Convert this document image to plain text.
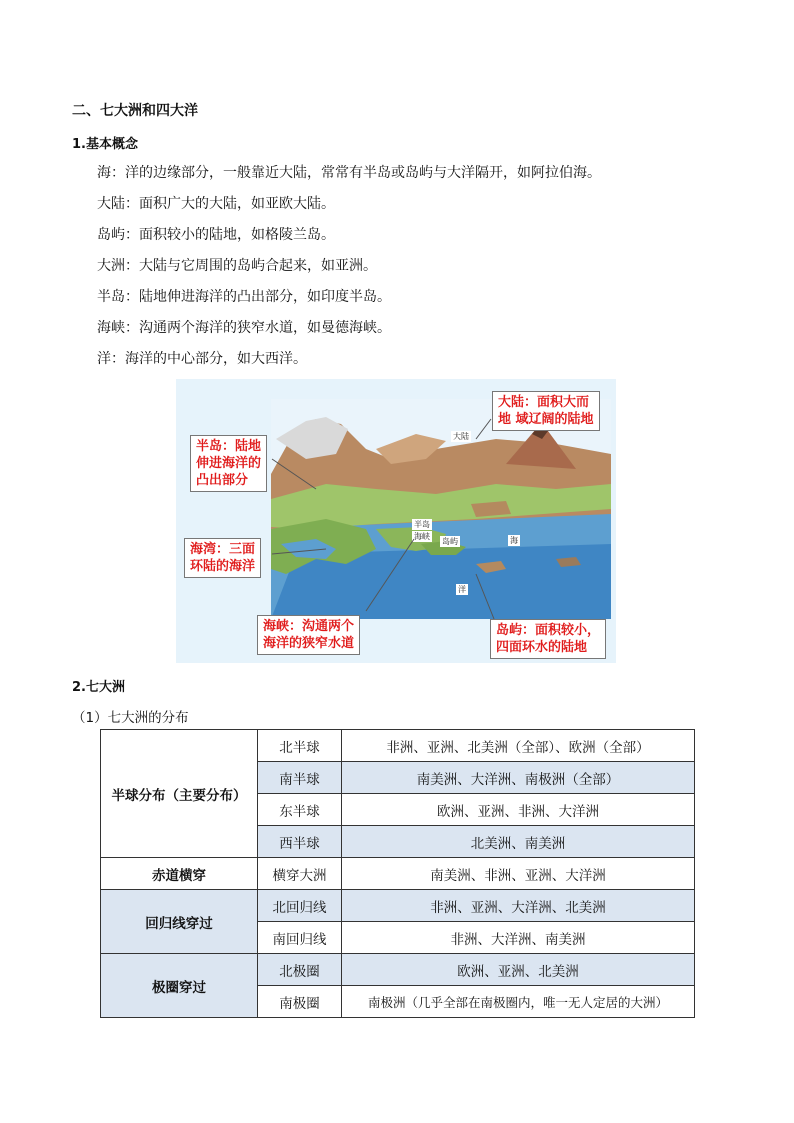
二、七大洲和四大洋
1.基本概念
海：洋的边缘部分，一般靠近大陆，常常有半岛或岛屿与大洋隔开，如阿拉伯海。
大陆：面积广大的大陆，如亚欧大陆。
岛屿：面积较小的陆地，如格陵兰岛。
大洲：大陆与它周围的岛屿合起来，如亚洲。
半岛：陆地伸进海洋的凸出部分，如印度半岛。
海峡：沟通两个海洋的狭窄水道，如曼德海峡。
洋：海洋的中心部分，如大西洋。
大陆
半岛
海峡
岛屿	海
洋
半岛：陆地
伸进海洋的
凸出部分
海湾：三面
环陆的海洋
海峡：沟通两个
海洋的狭窄水道
大陆：面积大而
地 域辽阔的陆地
岛屿：面积较小，
四面环水的陆地
2.七大洲
（1）七大洲的分布
半球分布（主要分布）	北半球	非洲、亚洲、北美洲（全部）、欧洲（全部）
	南半球	南美洲、大洋洲、南极洲（全部）
	东半球	欧洲、亚洲、非洲、大洋洲
	西半球	北美洲、南美洲
赤道横穿	横穿大洲	南美洲、非洲、亚洲、大洋洲
回归线穿过	北回归线	非洲、亚洲、大洋洲、北美洲
	南回归线	非洲、大洋洲、南美洲
极圈穿过	北极圈	欧洲、亚洲、北美洲
	南极圈	南极洲（几乎全部在南极圈内，唯一无人定居的大洲）
